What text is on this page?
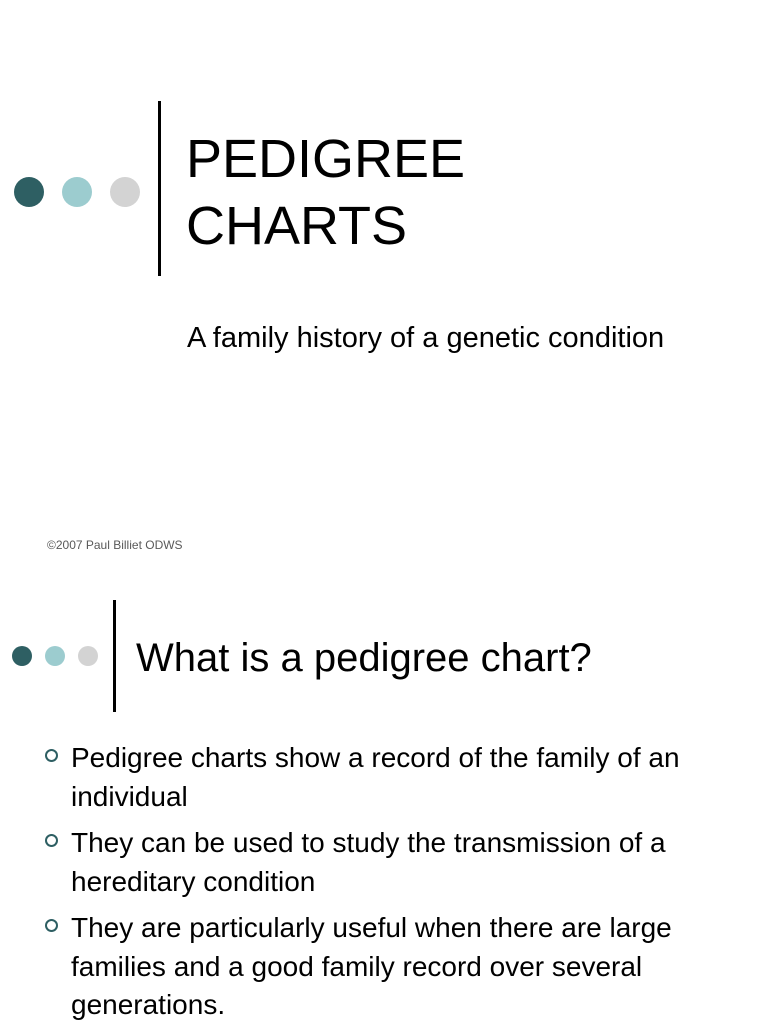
PEDIGREE
CHARTS

A family history of a genetic condition

©2007 Paul Billiet ODWS

What is a pedigree chart?
Pedigree charts show a record of the family of an individual
They can be used to study the transmission of a hereditary condition
They are particularly useful when there are large families and a good family record over several generations.
